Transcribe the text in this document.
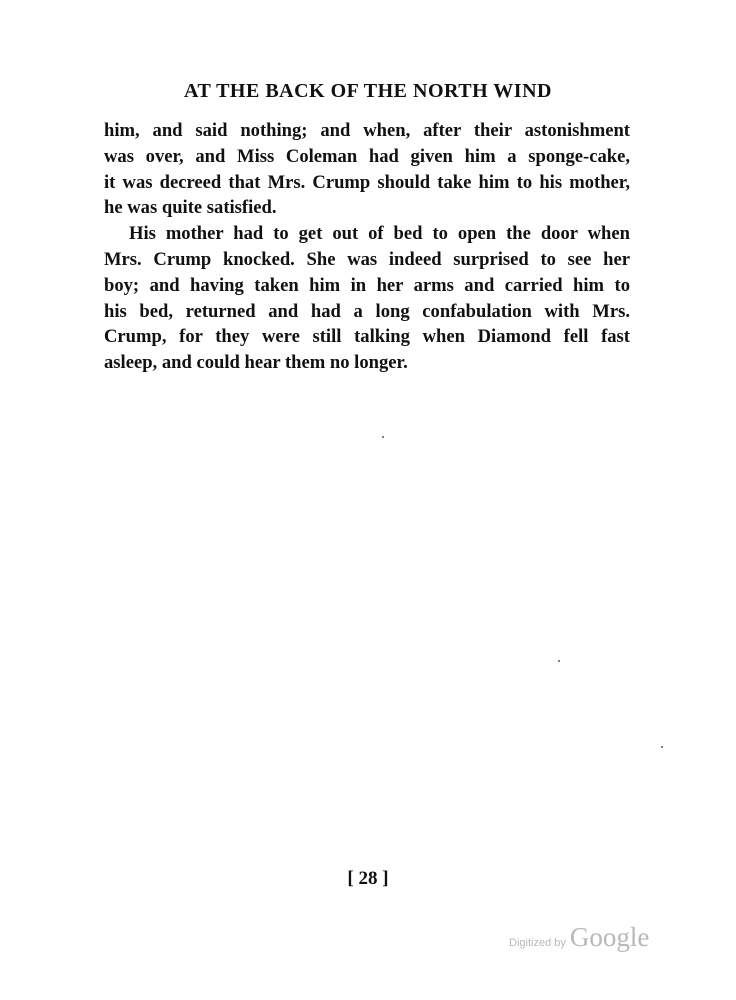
AT THE BACK OF THE NORTH WIND
him, and said nothing; and when, after their astonishment
was over, and Miss Coleman had given him a sponge-cake,
it was decreed that Mrs. Crump should take him to his mother,
he was quite satisfied.
His mother had to get out of bed to open the door when
Mrs. Crump knocked. She was indeed surprised to see her
boy; and having taken him in her arms and carried him to
his bed, returned and had a long confabulation with Mrs.
Crump, for they were still talking when Diamond fell fast
asleep, and could hear them no longer.
[ 28 ]
Digitized by Google
